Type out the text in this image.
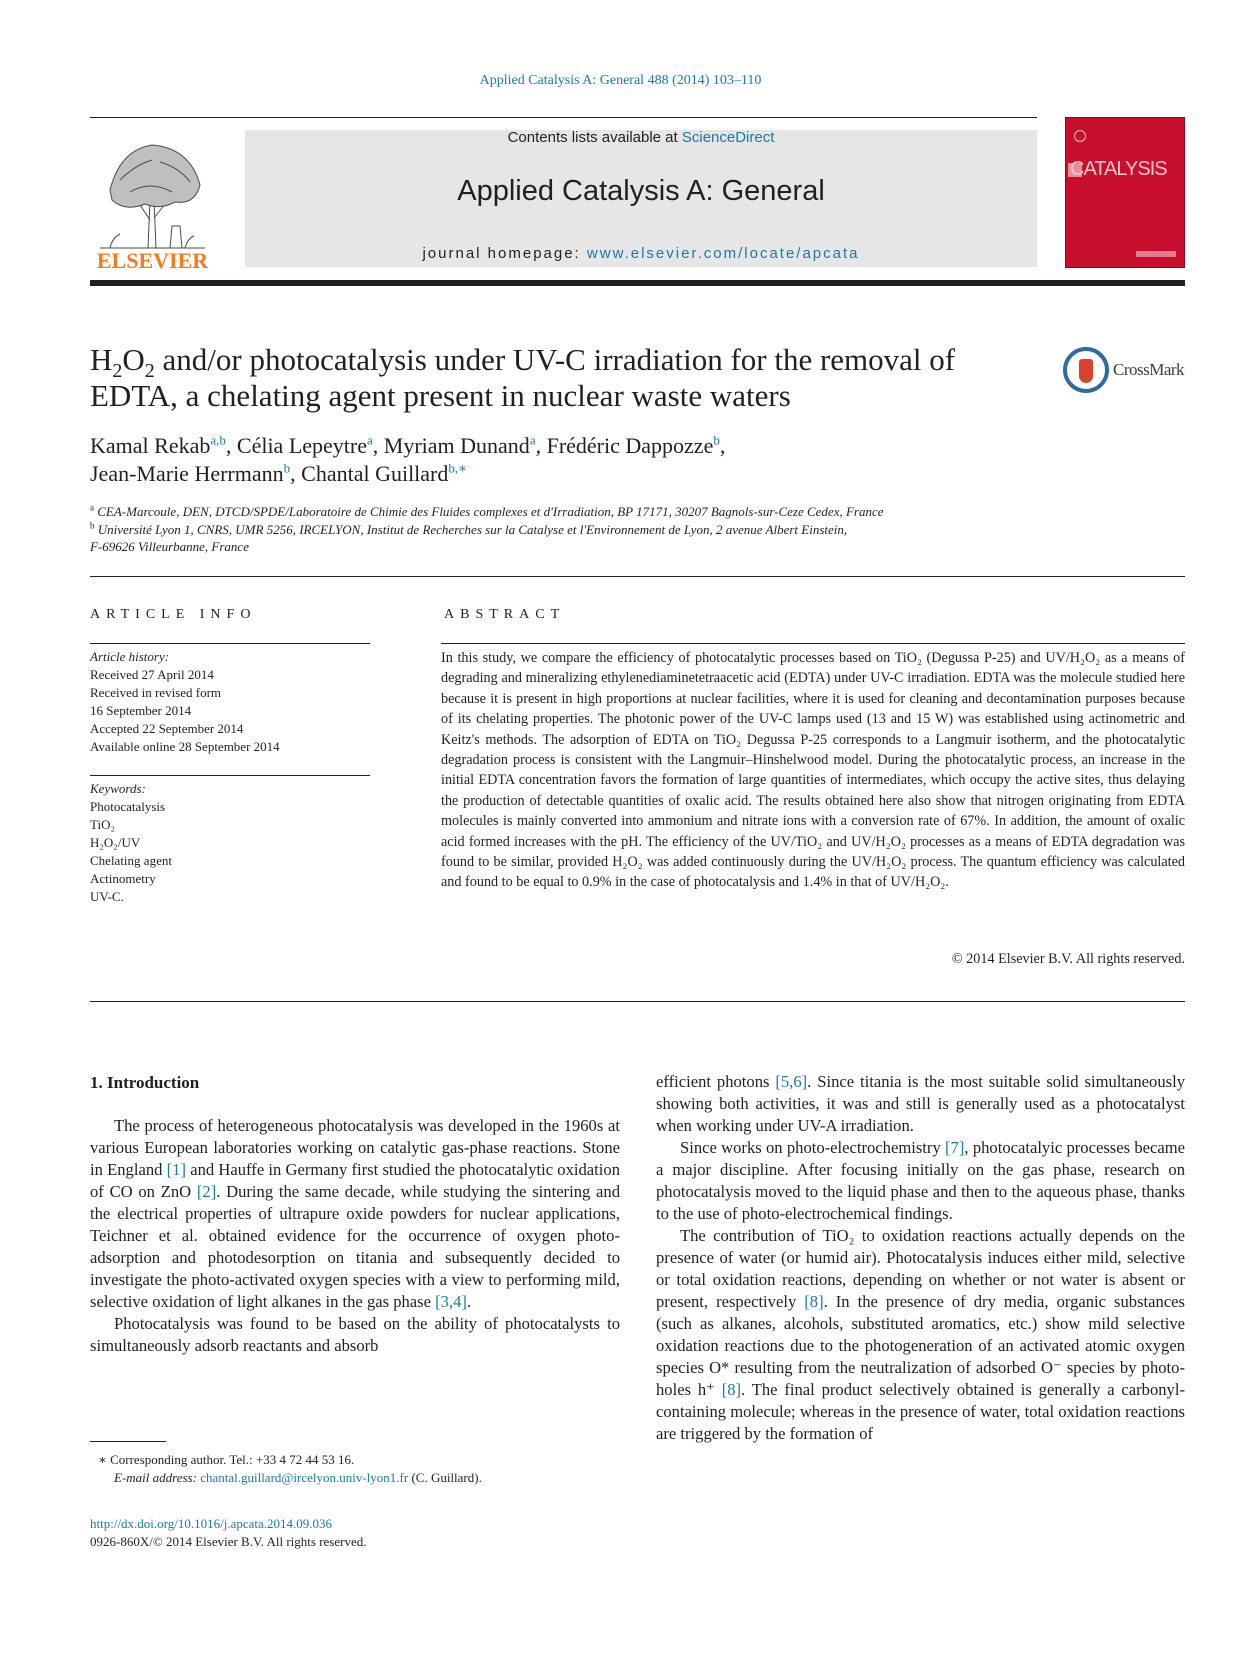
Applied Catalysis A: General 488 (2014) 103–110
ELSEVIER
Contents lists available at ScienceDirect
Applied Catalysis A: General
journal homepage: www.elsevier.com/locate/apcata
CATALYSIS
$H_2O_2$ and/or photocatalysis under UV-C irradiation for the removal of EDTA, a chelating agent present in nuclear waste waters
CrossMark
Kamal Rekab$^{a,b}$, Célia Lepeytre$^a$, Myriam Dunand$^a$, Frédéric Dappozze$^b$,
Jean-Marie Herrmann$^b$, Chantal Guillard$^{b,∗}$
$^a$ CEA-Marcoule, DEN, DTCD/SPDE/Laboratoire de Chimie des Fluides complexes et d'Irradiation, BP 17171, 30207 Bagnols-sur-Ceze Cedex, France
$^b$ Université Lyon 1, CNRS, UMR 5256, IRCELYON, Institut de Recherches sur la Catalyse et l'Environnement de Lyon, 2 avenue Albert Einstein,
F-69626 Villeurbanne, France
ARTICLE INFO
Article history:
Received 27 April 2014
Received in revised form
16 September 2014
Accepted 22 September 2014
Available online 28 September 2014
Keywords:
Photocatalysis
TiO₂
H₂O₂/UV
Chelating agent
Actinometry
UV-C.
ABSTRACT
In this study, we compare the efficiency of photocatalytic processes based on TiO₂ (Degussa P-25) and UV/H₂O₂ as a means of degrading and mineralizing ethylenediaminetetraacetic acid (EDTA) under UV-C irradiation. EDTA was the molecule studied here because it is present in high proportions at nuclear facilities, where it is used for cleaning and decontamination purposes because of its chelating properties. The photonic power of the UV-C lamps used (13 and 15 W) was established using actinometric and Keitz's methods. The adsorption of EDTA on TiO₂ Degussa P-25 corresponds to a Langmuir isotherm, and the photocatalytic degradation process is consistent with the Langmuir–Hinshelwood model. During the photocatalytic process, an increase in the initial EDTA concentration favors the formation of large quantities of intermediates, which occupy the active sites, thus delaying the production of detectable quantities of oxalic acid. The results obtained here also show that nitrogen originating from EDTA molecules is mainly converted into ammonium and nitrate ions with a conversion rate of 67%. In addition, the amount of oxalic acid formed increases with the pH. The efficiency of the UV/TiO₂ and UV/H₂O₂ processes as a means of EDTA degradation was found to be similar, provided H₂O₂ was added continuously during the UV/H₂O₂ process. The quantum efficiency was calculated and found to be equal to 0.9% in the case of photocatalysis and 1.4% in that of UV/H₂O₂.
© 2014 Elsevier B.V. All rights reserved.
1. Introduction

The process of heterogeneous photocatalysis was developed in the 1960s at various European laboratories working on catalytic gas-phase reactions. Stone in England [1] and Hauffe in Germany first studied the photocatalytic oxidation of CO on ZnO [2]. During the same decade, while studying the sintering and the electrical properties of ultrapure oxide powders for nuclear applications, Teichner et al. obtained evidence for the occurrence of oxygen photo-adsorption and photodesorption on titania and subsequently decided to investigate the photo-activated oxygen species with a view to performing mild, selective oxidation of light alkanes in the gas phase [3,4].

Photocatalysis was found to be based on the ability of photocatalysts to simultaneously adsorb reactants and absorb

efficient photons [5,6]. Since titania is the most suitable solid simultaneously showing both activities, it was and still is generally used as a photocatalyst when working under UV-A irradiation.

Since works on photo-electrochemistry [7], photocatalyic processes became a major discipline. After focusing initially on the gas phase, research on photocatalysis moved to the liquid phase and then to the aqueous phase, thanks to the use of photo-electrochemical findings.

The contribution of TiO₂ to oxidation reactions actually depends on the presence of water (or humid air). Photocatalysis induces either mild, selective or total oxidation reactions, depending on whether or not water is absent or present, respectively [8]. In the presence of dry media, organic substances (such as alkanes, alcohols, substituted aromatics, etc.) show mild selective oxidation reactions due to the photogeneration of an activated atomic oxygen species O* resulting from the neutralization of adsorbed O⁻ species by photo-holes h⁺ [8]. The final product selectively obtained is generally a carbonyl-containing molecule; whereas in the presence of water, total oxidation reactions are triggered by the formation of

∗ Corresponding author. Tel.: +33 4 72 44 53 16.
E-mail address: chantal.guillard@ircelyon.univ-lyon1.fr (C. Guillard).
http://dx.doi.org/10.1016/j.apcata.2014.09.036
0926-860X/© 2014 Elsevier B.V. All rights reserved.
